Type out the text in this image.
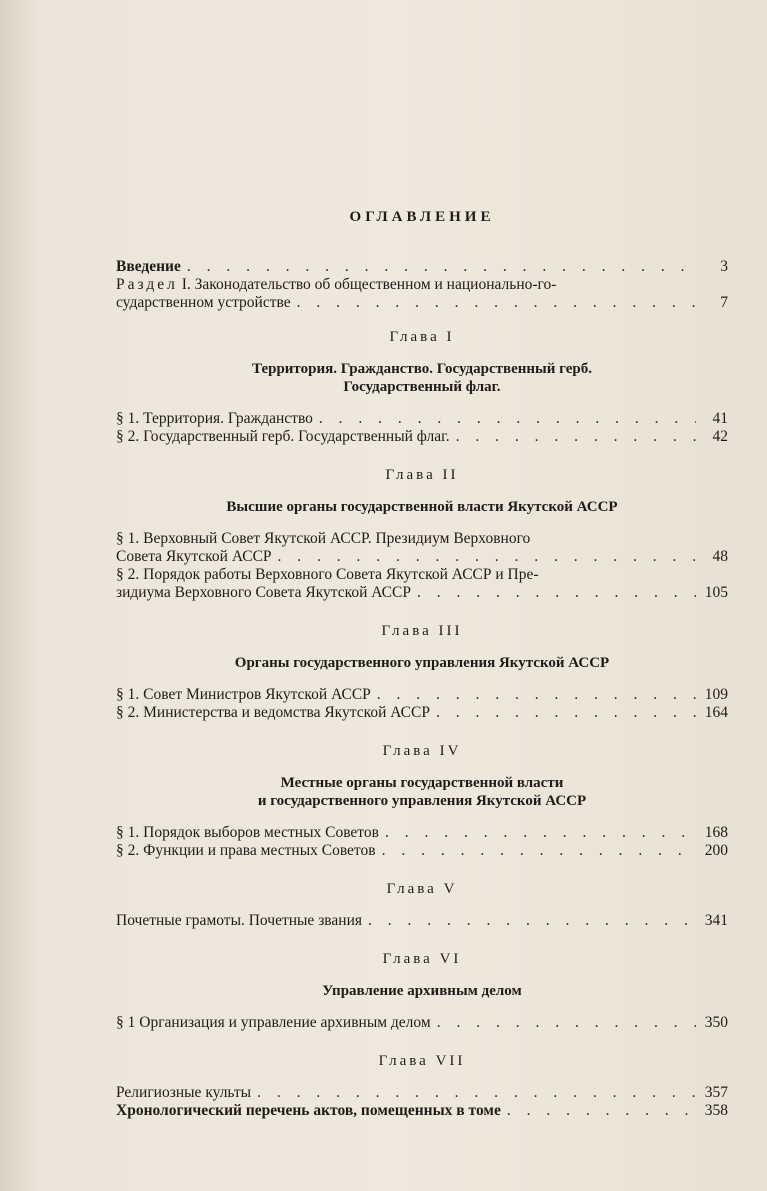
ОГЛАВЛЕНИЕ
Введение . . .	3
Раздел I. Законодательство об общественном и национально-го-
сударственном устройстве . . .	7
Глава I
Территория. Гражданство. Государственный герб.
Государственный флаг.
§ 1. Территория. Гражданство . . .	41
§ 2. Государственный герб. Государственный флаг. . . .	42
Глава II
Высшие органы государственной власти Якутской АССР
§ 1. Верховный Совет Якутской АССР. Президиум Верховного
Совета Якутской АССР . . .	48
§ 2. Порядок работы Верховного Совета Якутской АССР и Пре-
зидиума Верховного Совета Якутской АССР . . .	105
Глава III
Органы государственного управления Якутской АССР
§ 1. Совет Министров Якутской АССР . . .	109
§ 2. Министерства и ведомства Якутской АССР . . .	164
Глава IV
Местные органы государственной власти
и государственного управления Якутской АССР
§ 1. Порядок выборов местных Советов . . .	168
§ 2. Функции и права местных Советов . . .	200
Глава V
Почетные грамоты. Почетные звания . . .	341
Глава VI
Управление архивным делом
§ 1 Организация и управление архивным делом . . .	350
Глава VII
Религиозные культы . . .	357
Хронологический перечень актов, помещенных в томе . . .	358
